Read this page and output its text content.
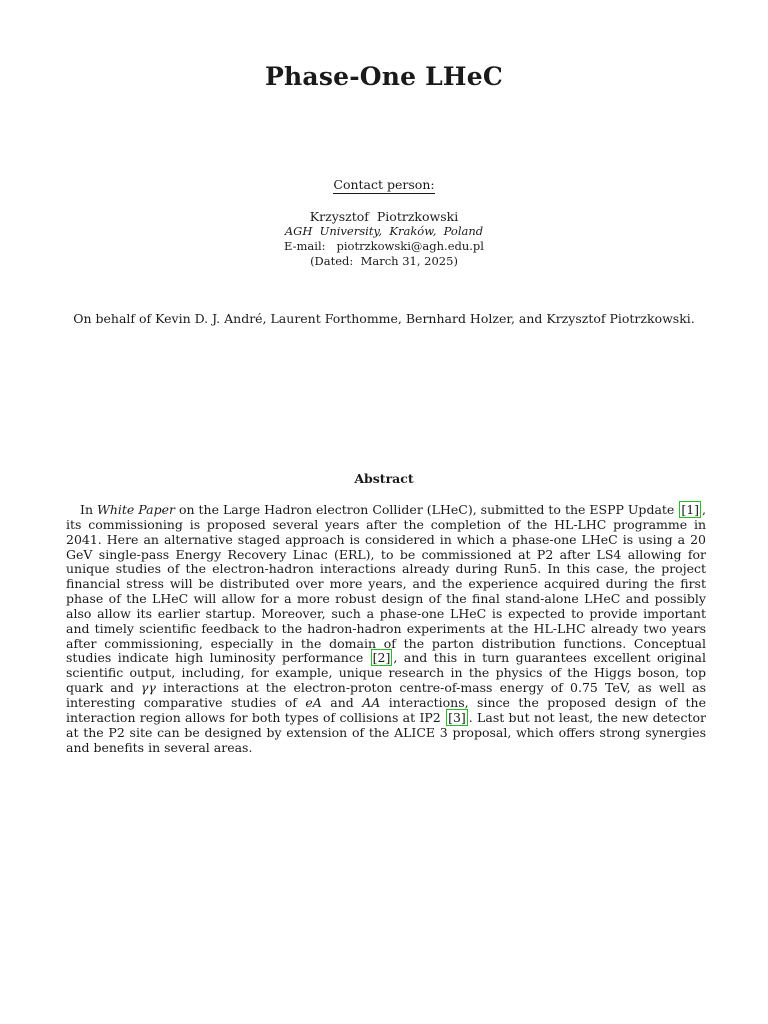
Phase-One LHeC
Contact person:
Krzysztof  Piotrzkowski
AGH  University,  Kraków,  Poland
E-mail: piotrzkowski@agh.edu.pl
(Dated:  March 31, 2025)
On behalf of Kevin D. J. André, Laurent Forthomme, Bernhard Holzer, and Krzysztof Piotrzkowski.
Abstract
In White Paper on the Large Hadron electron Collider (LHeC), submitted to the ESPP Update [1] , its commissioning is proposed several years after the completion of the HL-LHC programme in 2041. Here an alternative staged approach is considered in which a phase-one LHeC is using a 20 GeV single-pass Energy Recovery Linac (ERL), to be commissioned at P2 after LS4 allowing for unique studies of the electron-hadron interactions already during Run5. In this case, the project financial stress will be distributed over more years, and the experience acquired during the first phase of the LHeC will allow for a more robust design of the final stand-alone LHeC and possibly also allow its earlier startup. Moreover, such a phase-one LHeC is expected to provide important and timely scientific feedback to the hadron-hadron experiments at the HL-LHC already two years after commissioning, especially in the domain of the parton distribution functions. Conceptual studies indicate high luminosity performance [2] , and this in turn guarantees excellent original scientific output, including, for example, unique research in the physics of the Higgs boson, top quark and γγ interactions at the electron-proton centre-of-mass energy of 0.75 TeV, as well as interesting comparative studies of eA and AA interactions, since the proposed design of the interaction region allows for both types of collisions at IP2 [3] . Last but not least, the new detector at the P2 site can be designed by extension of the ALICE 3 proposal, which offers strong synergies and benefits in several areas.
